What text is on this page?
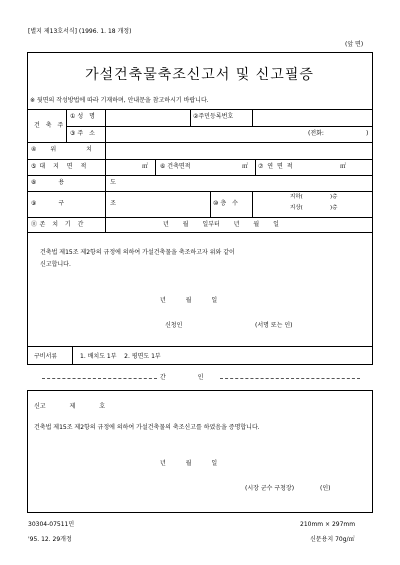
[별지 제13호서식] (1996. 1. 18 개정)
(앞 면)
가설건축물축조신고서 및 신고필증
※ 뒷면의 작성방법에 따라 기재하며, 안내문을 참고하시기 바랍니다.
건 축 주
①성 명	②주민등록번호
③주 소	(전화:	)
④위 치
⑤대 지 면 적	㎡ ⑥ 건축면적	㎡ ⑦ 연 면 적	㎡
⑧용 도
⑨구 조	⑩층 수
지하(	)층
지상(	)층
⑪존 치 기 간	년 월 일부터 년 월 일
건축법 제15조 제2항의 규정에 의하여 가설건축물을 축조하고자 위와 같이
신고합니다.
년 월 일
신청인	(서명 또는 인)
구비서류	1. 배치도 1부    2. 평면도 1부
간 인
신고 제 호
건축법 제15조 제2항의 규정에 의하여 가설건축물의 축조신고를 하였음을 증명합니다.
년 월 일
(시장 군수 구청장)	(인)
30304-07511민
'95. 12. 29개정
210mm × 297mm
신문용지 70g/㎡
